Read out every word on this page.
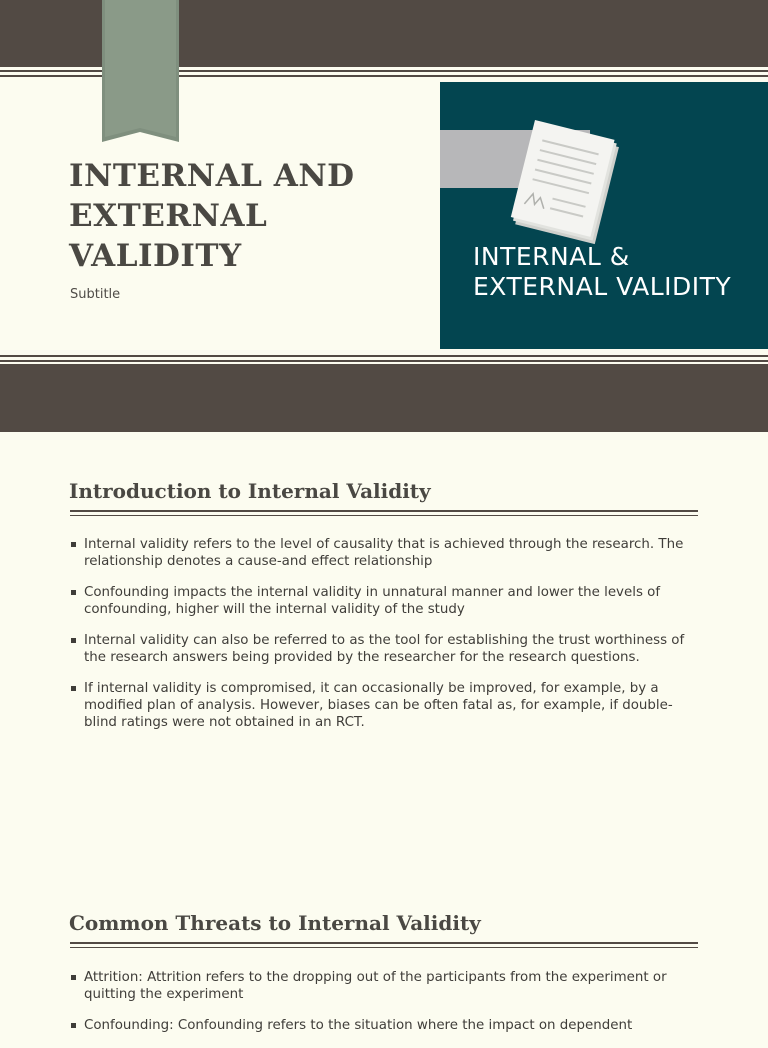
INTERNAL AND EXTERNAL VALIDITY
Subtitle
INTERNAL &
EXTERNAL VALIDITY
Introduction to Internal Validity
Internal validity refers to the level of causality that is achieved through the research. The relationship denotes a cause-and effect relationship
Confounding impacts the internal validity in unnatural manner and lower the levels of confounding, higher will the internal validity of the study
Internal validity can also be referred to as the tool for establishing the trust worthiness of the research answers being provided by the researcher for the research questions.
If internal validity is compromised, it can occasionally be improved, for example, by a modified plan of analysis. However, biases can be often fatal as, for example, if double-blind ratings were not obtained in an RCT.
Common Threats to Internal Validity
Attrition: Attrition refers to the dropping out of the participants from the experiment or quitting the experiment
Confounding: Confounding refers to the situation where the impact on dependent
